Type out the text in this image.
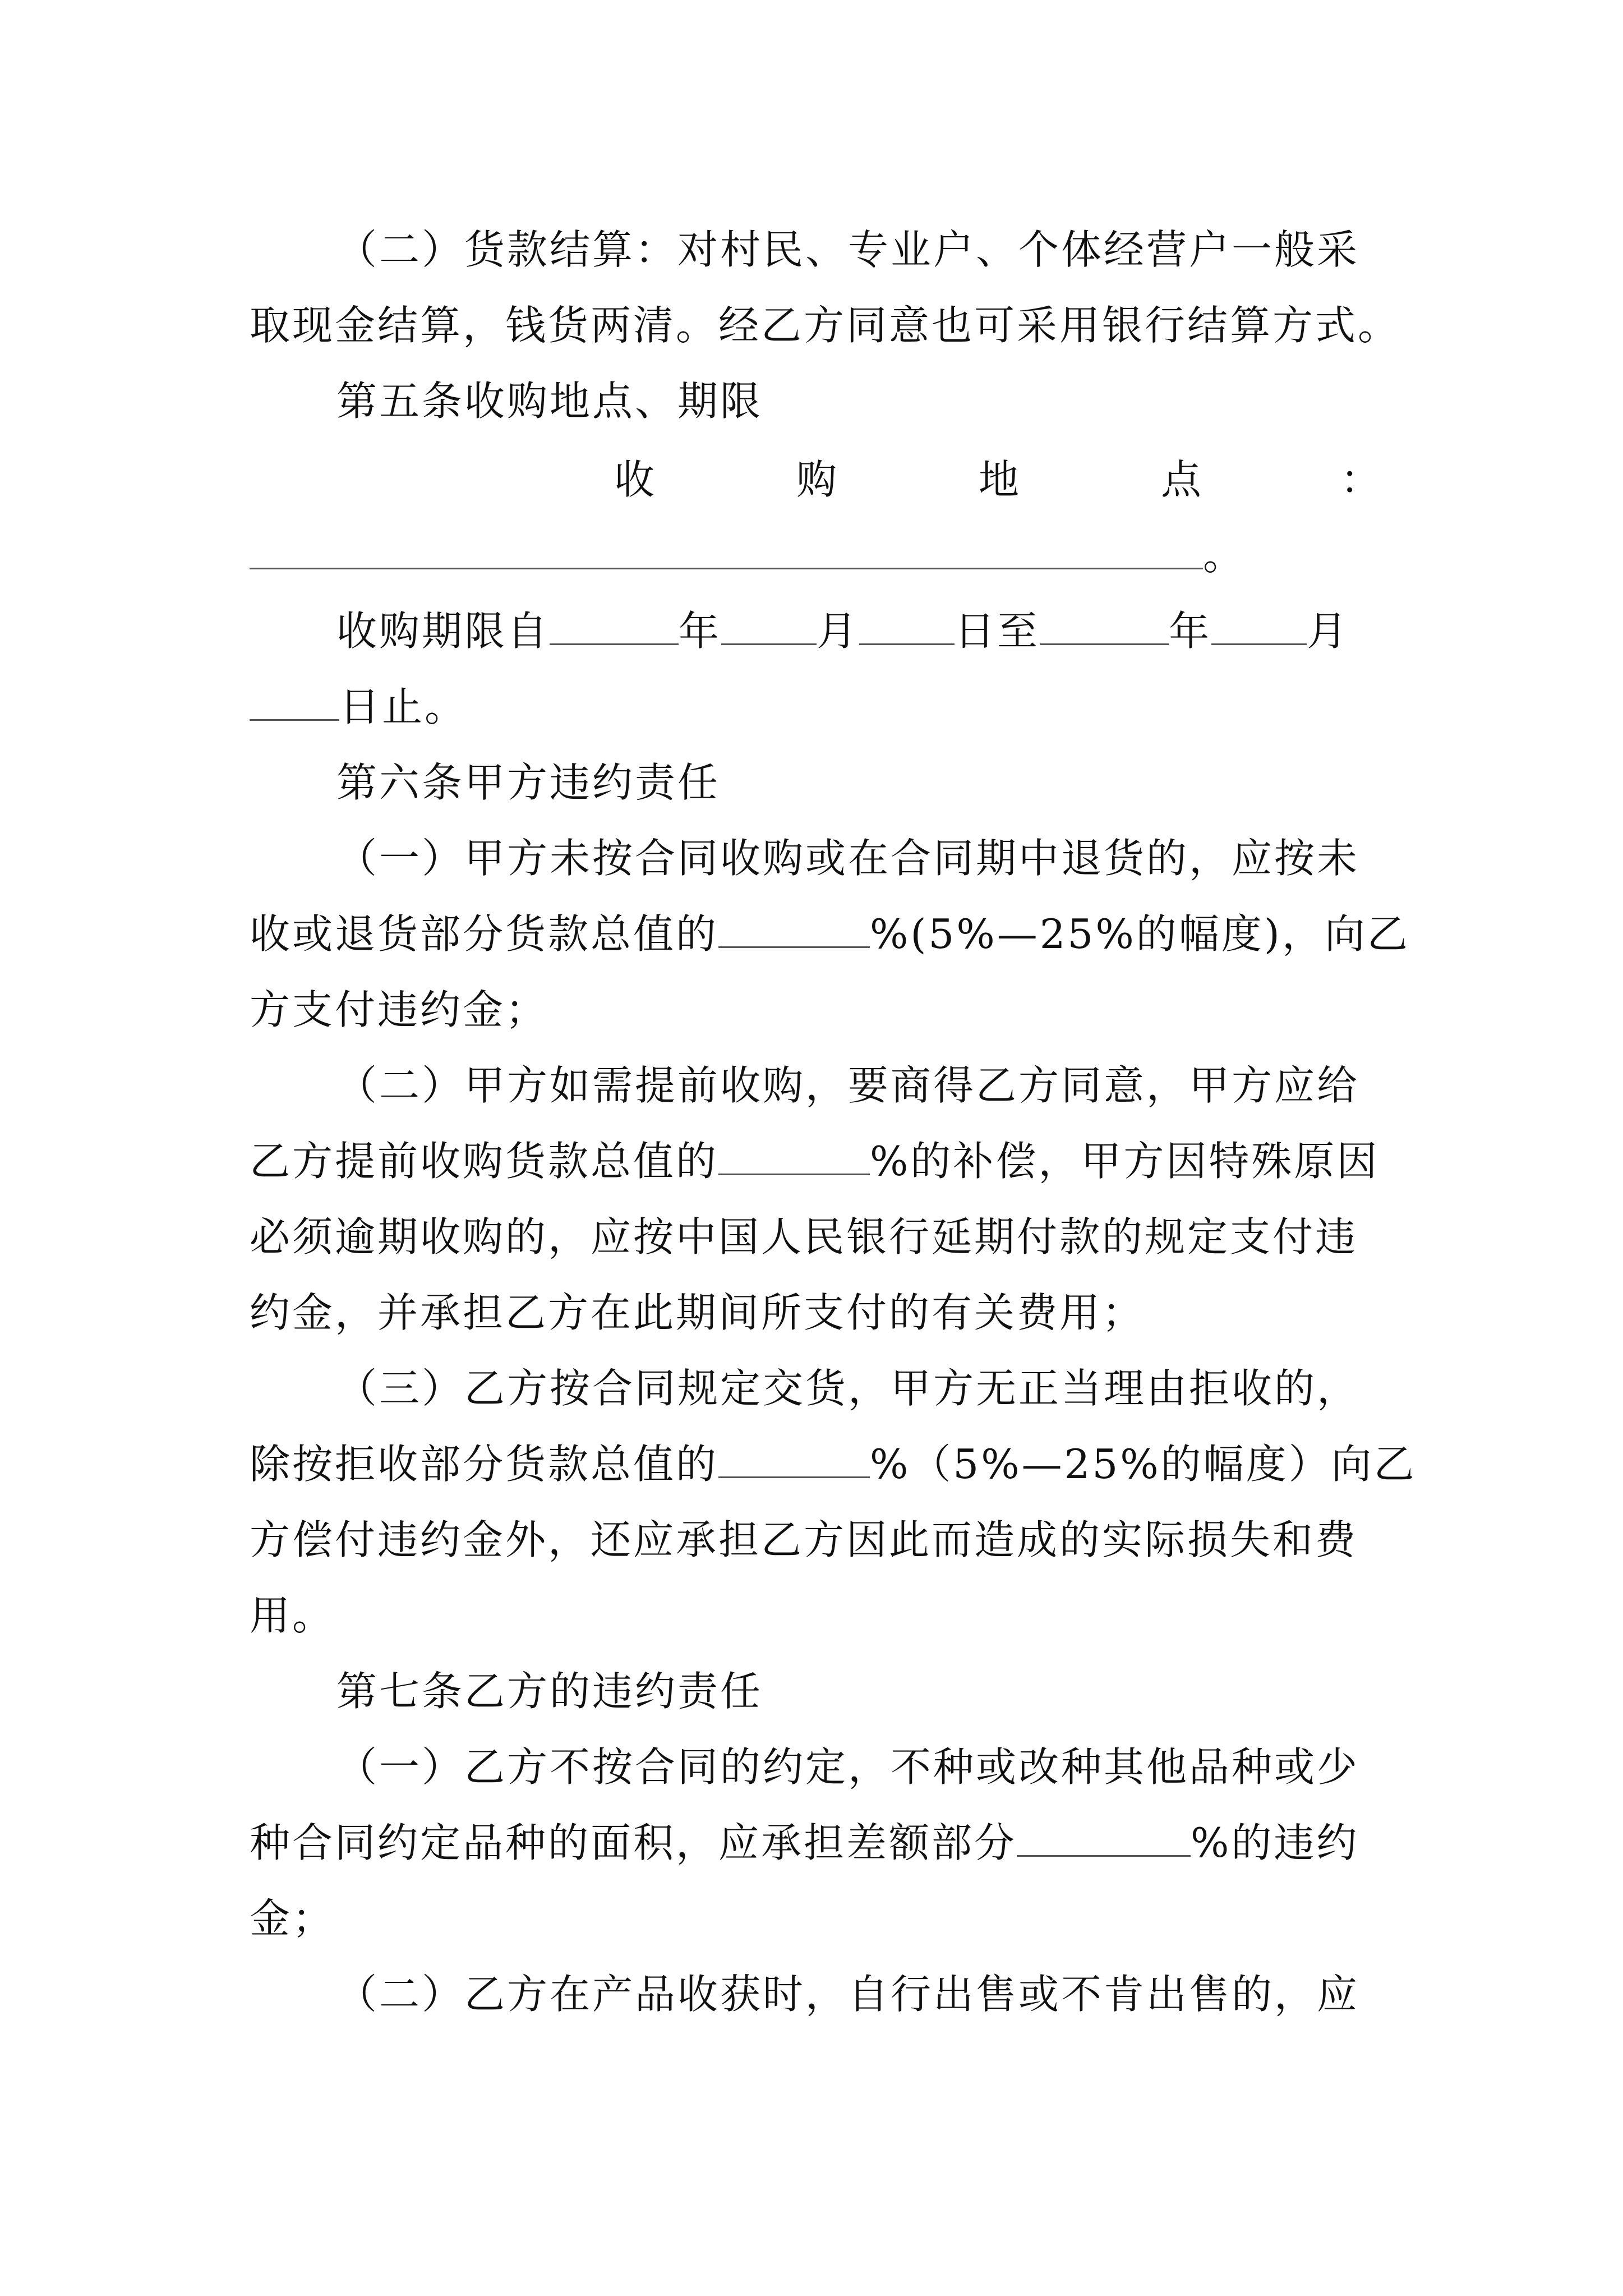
（二）货款结算：对村民、专业户、个体经营户一般采
取现金结算，钱货两清。经乙方同意也可采用银行结算方式。
第五条收购地点、期限
收	购	地	点	：
。
收购期限自	年 月 日至	年 月
日止。
第六条甲方违约责任
（一）甲方未按合同收购或在合同期中退货的，应按未
收或退货部分货款总值的	%(5%—25%的幅度)，向乙
方支付违约金；
（二）甲方如需提前收购，要商得乙方同意，甲方应给
乙方提前收购货款总值的	%的补偿，甲方因特殊原因
必须逾期收购的，应按中国人民银行延期付款的规定支付违
约金，并承担乙方在此期间所支付的有关费用；
（三）乙方按合同规定交货，甲方无正当理由拒收的，
除按拒收部分货款总值的	%（5%—25%的幅度）向乙
方偿付违约金外，还应承担乙方因此而造成的实际损失和费
用。
第七条乙方的违约责任
（一）乙方不按合同的约定，不种或改种其他品种或少
种合同约定品种的面积，应承担差额部分	%的违约
金；
（二）乙方在产品收获时，自行出售或不肯出售的，应
